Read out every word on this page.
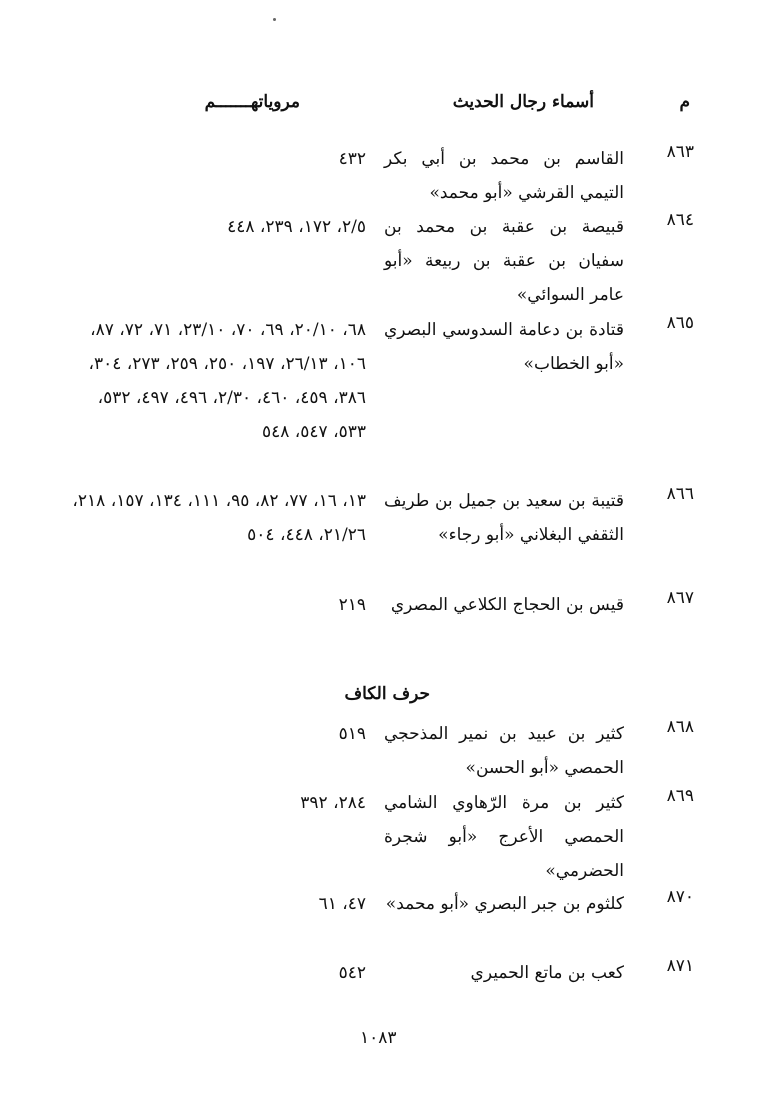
م
أسماء رجال الحديث
مروياتهـــــــم
٨٦٣
القاسم بن محمد بن أبي بكر التيمي القرشي «أبو محمد»
٤٣٢
٨٦٤
قبيصة بن عقبة بن محمد بن سفيان بن عقبة بن ربيعة «أبو عامر السوائي»
٢/٥، ١٧٢، ٢٣٩، ٤٤٨
٨٦٥
قتادة بن دعامة السدوسي البصري «أبو الخطاب»
٦٨، ٢٠/١٠، ٦٩، ٧٠، ٢٣/١٠، ٧١، ٧٢، ٨٧، ١٠٦، ٢٦/١٣، ١٩٧، ٢٥٠، ٢٥٩، ٢٧٣، ٣٠٤، ٣٨٦، ٤٥٩، ٤٦٠، ٢/٣٠، ٤٩٦، ٤٩٧، ٥٣٢، ٥٣٣، ٥٤٧، ٥٤٨
٨٦٦
قتيبة بن سعيد بن جميل بن طريف الثقفي البغلاني «أبو رجاء»
١٣، ١٦، ٧٧، ٨٢، ٩٥، ١١١، ١٣٤، ١٥٧، ٢١٨، ٢١/٢٦، ٤٤٨، ٥٠٤
٨٦٧
قيس بن الحجاج الكلاعي المصري
٢١٩
حرف الكاف
٨٦٨
كثير بن عبيد بن نمير المذحجي الحمصي «أبو الحسن»
٥١٩
٨٦٩
كثير بن مرة الرّهاوي الشامي الحمصي الأعرج «أبو شجرة الحضرمي»
٢٨٤، ٣٩٢
٨٧٠
كلثوم بن جبر البصري «أبو محمد»
٤٧، ٦١
٨٧١
كعب بن ماتع الحميري
٥٤٢
١٠٨٣
